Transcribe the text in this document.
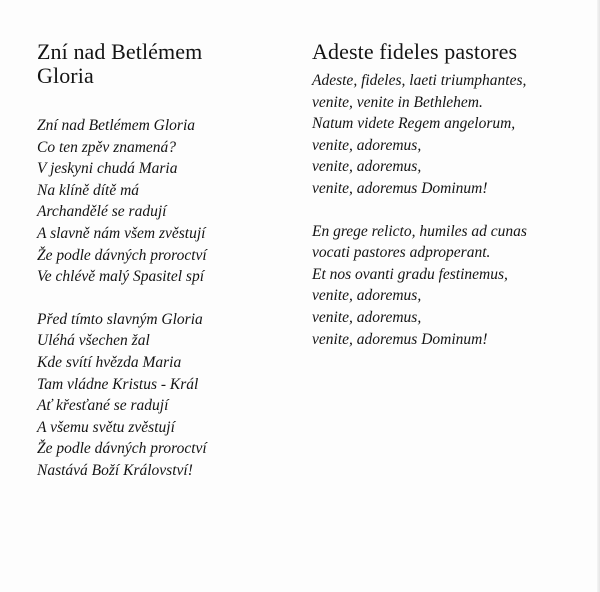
Zní nad Betlémem
Gloria
Zní nad Betlémem Gloria
Co ten zpěv znamená?
V jeskyni chudá Maria
Na klíně dítě má
Archandělé se radují
A slavně nám všem zvěstují
Že podle dávných proroctví
Ve chlévě malý Spasitel spí
Před tímto slavným Gloria
Uléhá všechen žal
Kde svítí hvězda Maria
Tam vládne Kristus - Král
Ať křesťané se radují
A všemu světu zvěstují
Že podle dávných proroctví
Nastává Boží Království!
Adeste fideles pastores
Adeste, fideles, laeti triumphantes,
venite, venite in Bethlehem.
Natum videte Regem angelorum,
venite, adoremus,
venite, adoremus,
venite, adoremus Dominum!
En grege relicto, humiles ad cunas
vocati pastores adproperant.
Et nos ovanti gradu festinemus,
venite, adoremus,
venite, adoremus,
venite, adoremus Dominum!
